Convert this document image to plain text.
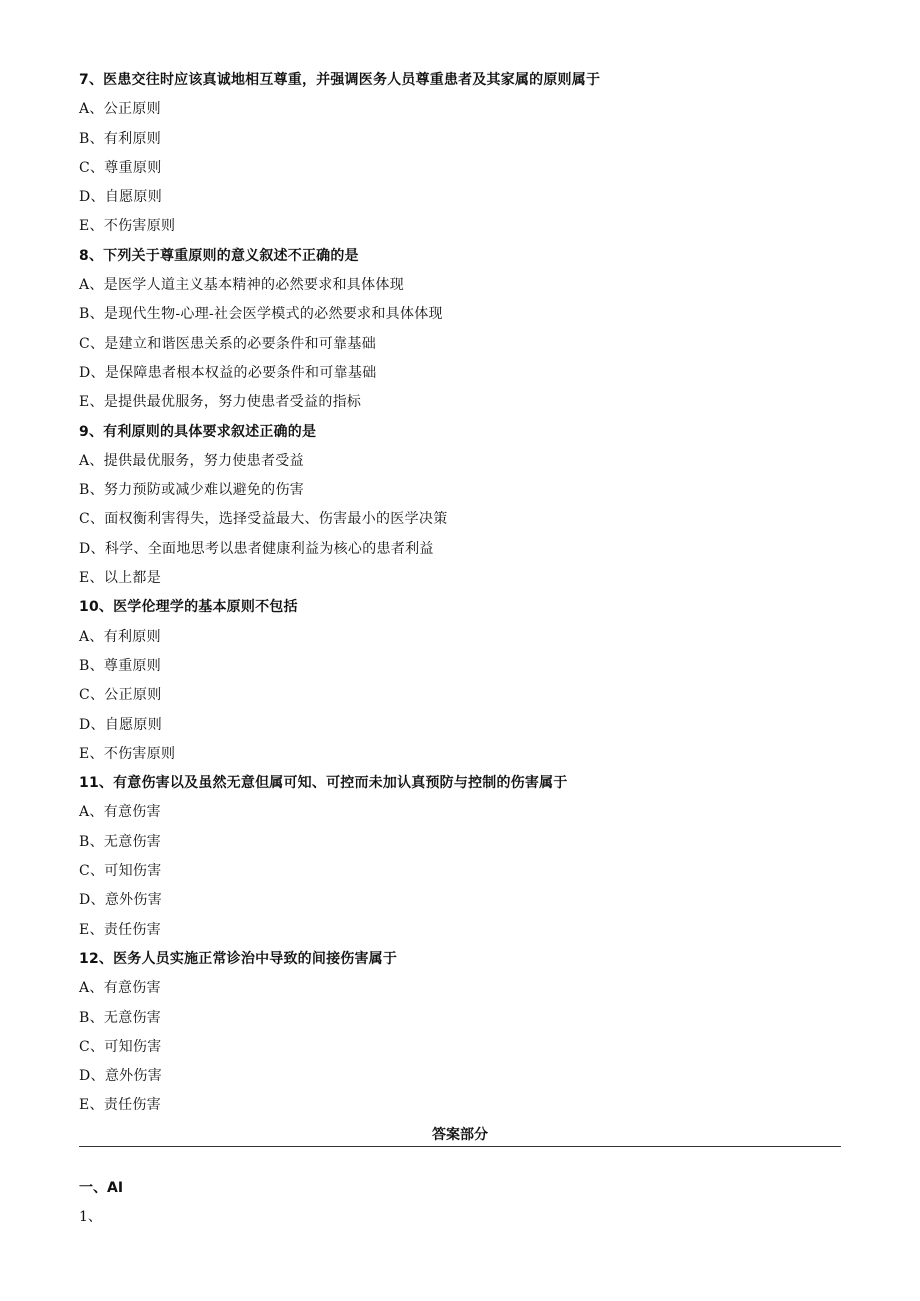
7、医患交往时应该真诚地相互尊重，并强调医务人员尊重患者及其家属的原则属于
A、公正原则
B、有利原则
C、尊重原则
D、自愿原则
E、不伤害原则
8、下列关于尊重原则的意义叙述不正确的是
A、是医学人道主义基本精神的必然要求和具体体现
B、是现代生物-心理-社会医学模式的必然要求和具体体现
C、是建立和谐医患关系的必要条件和可靠基础
D、是保障患者根本权益的必要条件和可靠基础
E、是提供最优服务，努力使患者受益的指标
9、有利原则的具体要求叙述正确的是
A、提供最优服务，努力使患者受益
B、努力预防或减少难以避免的伤害
C、面权衡利害得失，选择受益最大、伤害最小的医学决策
D、科学、全面地思考以患者健康利益为核心的患者利益
E、以上都是
10、医学伦理学的基本原则不包括
A、有利原则
B、尊重原则
C、公正原则
D、自愿原则
E、不伤害原则
11、有意伤害以及虽然无意但属可知、可控而未加认真预防与控制的伤害属于
A、有意伤害
B、无意伤害
C、可知伤害
D、意外伤害
E、责任伤害
12、医务人员实施正常诊治中导致的间接伤害属于
A、有意伤害
B、无意伤害
C、可知伤害
D、意外伤害
E、责任伤害
答案部分
一、AI
1、
